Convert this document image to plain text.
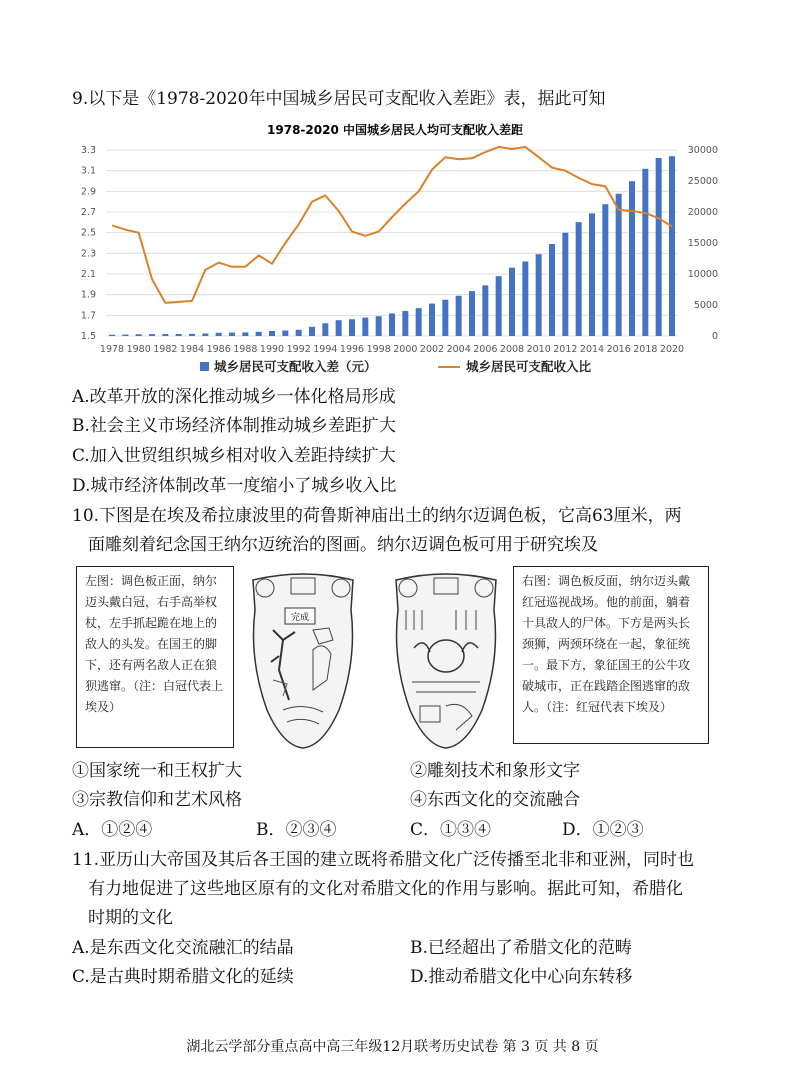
9.以下是《1978-2020年中国城乡居民可支配收入差距》表，据此可知
1978-2020 中国城乡居民人均可支配收入差距
1.5
1.7
1.9
2.1
2.3
2.5
2.7
2.9
3.1
3.3
0
5000
10000
15000
20000
25000
30000
1978 1980 1982 1984 1986 1988 1990 1992 1994 1996 1998 2000 2002 2004 2006 2008 2010 2012 2014 2016 2018 2020
城乡居民可支配收入差（元）	城乡居民可支配收入比
A.改革开放的深化推动城乡一体化格局形成
B.社会主义市场经济体制推动城乡差距扩大
C.加入世贸组织城乡相对收入差距持续扩大
D.城市经济体制改革一度缩小了城乡收入比
10.下图是在埃及希拉康波里的荷鲁斯神庙出土的纳尔迈调色板，它高63厘米，两
面雕刻着纪念国王纳尔迈统治的图画。纳尔迈调色板可用于研究埃及
左图：调色板正面，纳尔迈头戴白冠，右手高举权杖，左手抓起跪在地上的敌人的头发。在国王的脚下，还有两名敌人正在狼狈逃窜。（注：白冠代表上埃及）
完成
右图：调色板反面，纳尔迈头戴红冠巡视战场。他的前面，躺着十具敌人的尸体。下方是两头长颈狮，两颈环绕在一起，象征统一。最下方，象征国王的公牛攻破城市，正在践踏企图逃窜的敌人。（注：红冠代表下埃及）
①国家统一和王权扩大	②雕刻技术和象形文字
③宗教信仰和艺术风格	④东西文化的交流融合
A．①②④	B．②③④	C．①③④	D．①②③
11.亚历山大帝国及其后各王国的建立既将希腊文化广泛传播至北非和亚洲，同时也
有力地促进了这些地区原有的文化对希腊文化的作用与影响。据此可知，希腊化
时期的文化
A.是东西文化交流融汇的结晶	B.已经超出了希腊文化的范畴
C.是古典时期希腊文化的延续	D.推动希腊文化中心向东转移
湖北云学部分重点高中高三年级12月联考历史试卷 第 3 页 共 8 页
